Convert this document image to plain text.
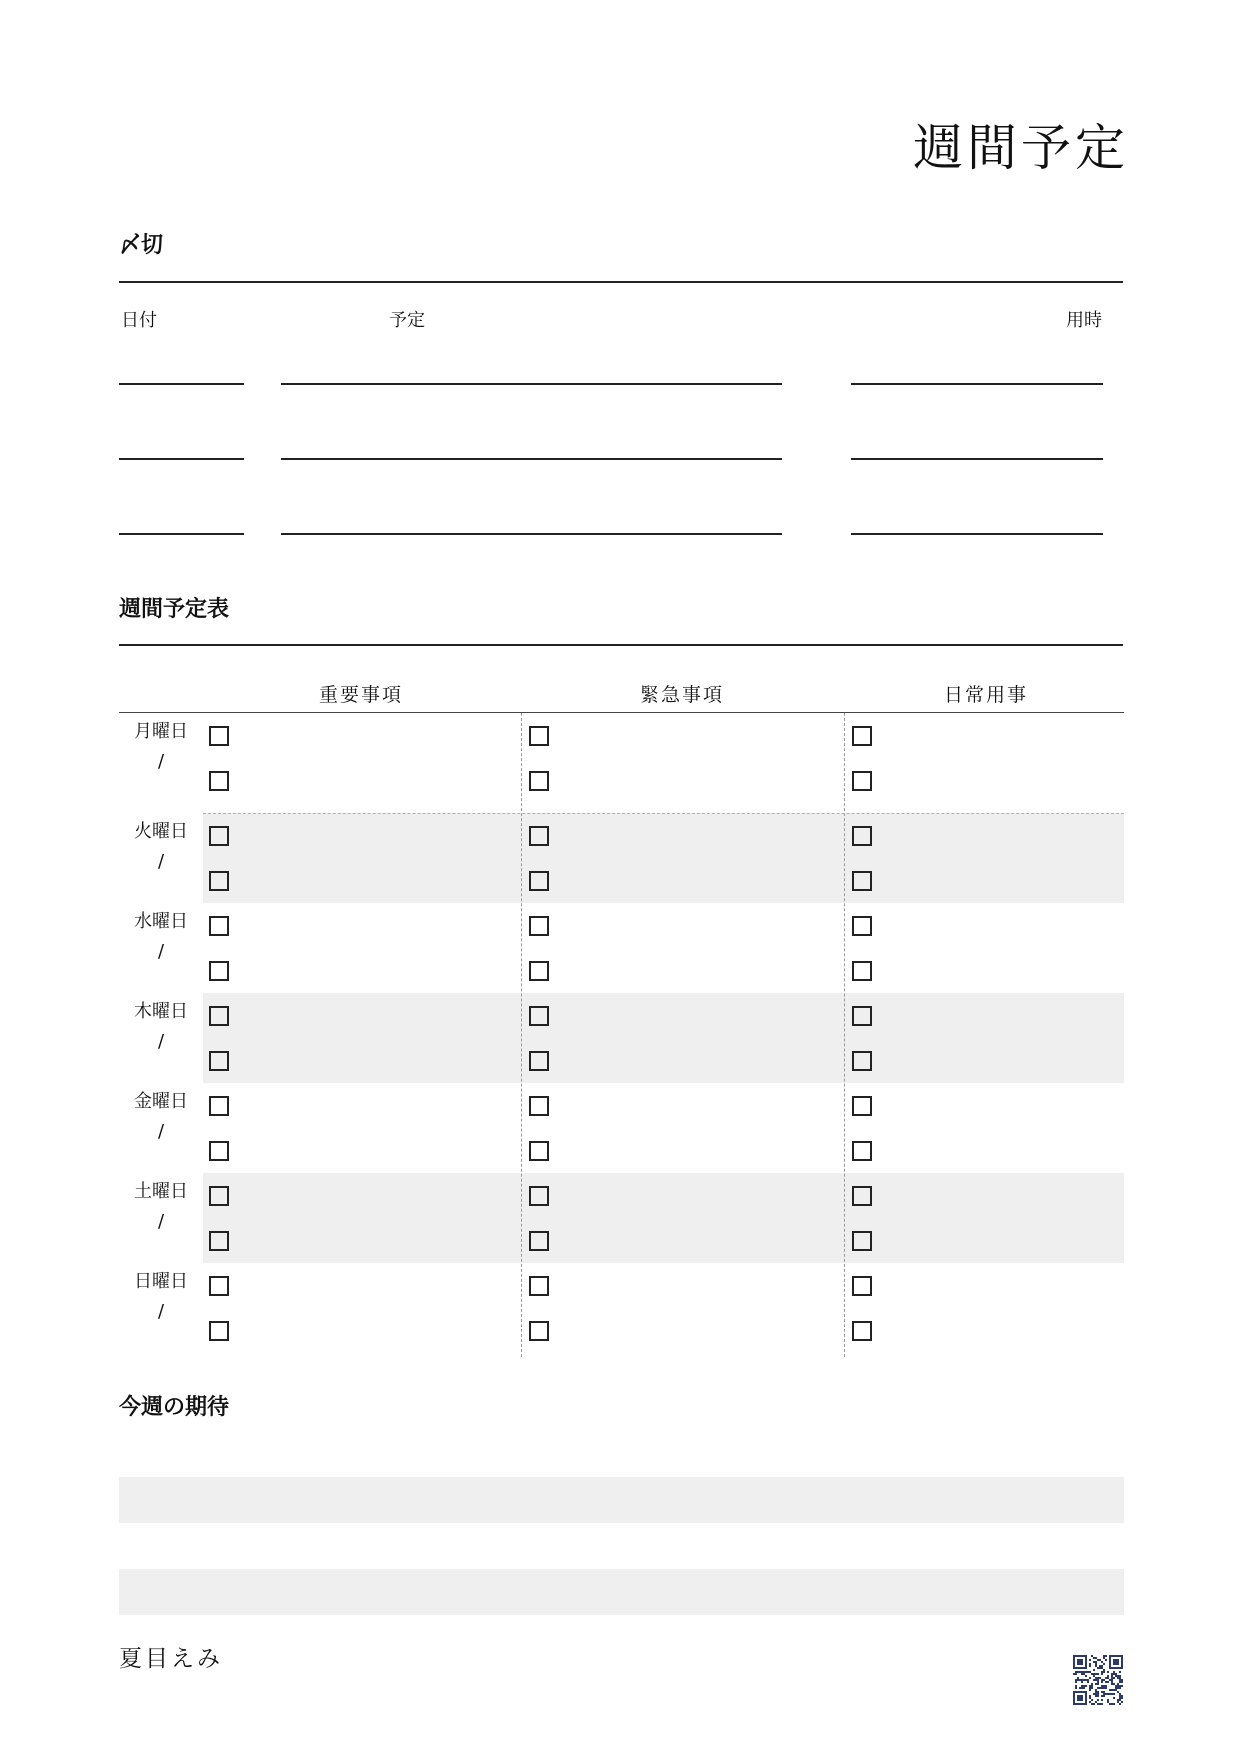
週間予定
〆切
日付	予定	用時
週間予定表
重要事項	緊急事項	日常用事
月曜日
/
火曜日
/
水曜日
/
木曜日
/
金曜日
/
土曜日
/
日曜日
/
今週の期待
夏目えみ
